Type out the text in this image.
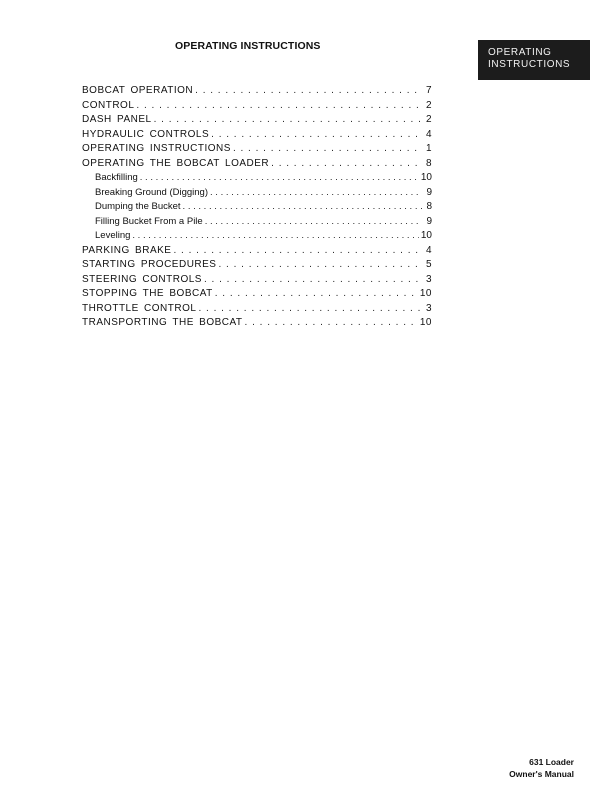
OPERATING INSTRUCTIONS
OPERATING
INSTRUCTIONS
BOBCAT OPERATION . . .	7
CONTROL . . .	2
DASH PANEL . . .	2
HYDRAULIC CONTROLS . . .	4
OPERATING INSTRUCTIONS . . .	1
OPERATING THE BOBCAT LOADER . . .	8
Backfilling . . .	10
Breaking Ground (Digging) . . .	9
Dumping the Bucket . . .	8
Filling Bucket From a Pile . . .	9
Leveling . . .	10
PARKING BRAKE . . .	4
STARTING PROCEDURES . . .	5
STEERING CONTROLS . . .	3
STOPPING THE BOBCAT . . .	10
THROTTLE CONTROL . . .	3
TRANSPORTING THE BOBCAT . . .	10
631 Loader
Owner's Manual
